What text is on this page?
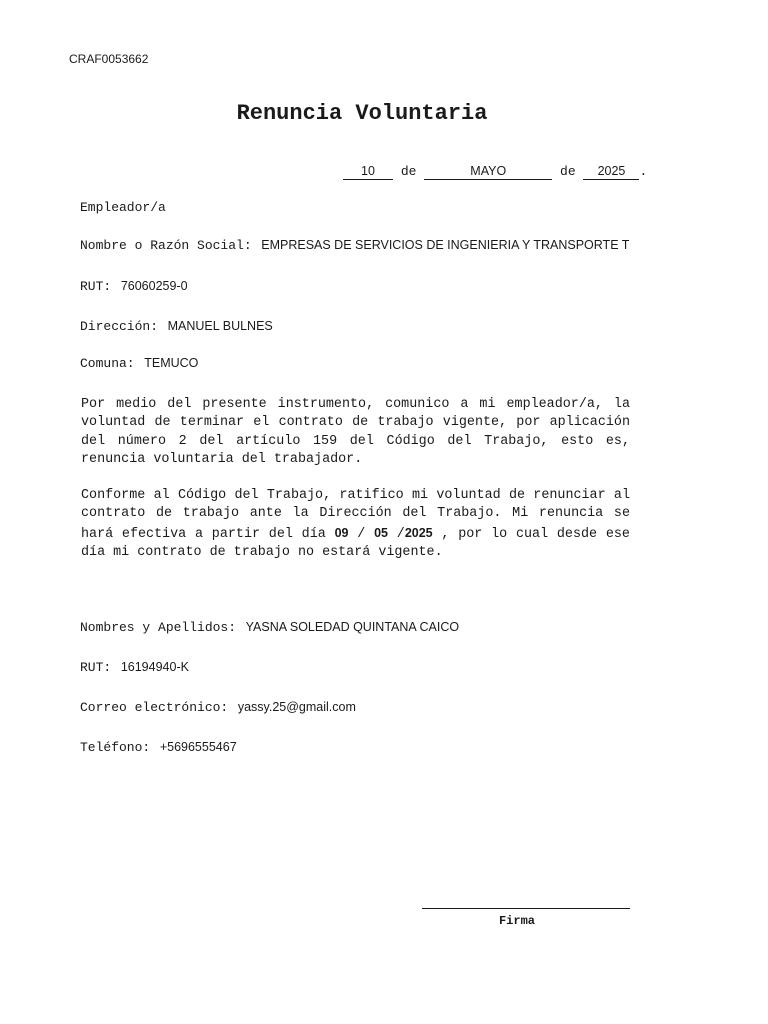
CRAF0053662
Renuncia Voluntaria
10 de	MAYO	de 2025 .
Empleador/a
Nombre o Razón Social: EMPRESAS DE SERVICIOS DE INGENIERIA Y TRANSPORTE T
RUT: 76060259-0
Dirección: MANUEL BULNES
Comuna: TEMUCO
Por medio del presente instrumento, comunico a mi empleador/a, la voluntad de terminar el contrato de trabajo vigente, por aplicación del número 2 del artículo 159 del Código del Trabajo, esto es, renuncia voluntaria del trabajador.
Conforme al Código del Trabajo, ratifico mi voluntad de renunciar al contrato de trabajo ante la Dirección del Trabajo. Mi renuncia se hará efectiva a partir del día 09 / 05 /2025 , por lo cual desde ese día mi contrato de trabajo no estará vigente.
Nombres y Apellidos: YASNA SOLEDAD QUINTANA CAICO
RUT: 16194940-K
Correo electrónico: yassy.25@gmail.com
Teléfono: +5696555467
Firma
